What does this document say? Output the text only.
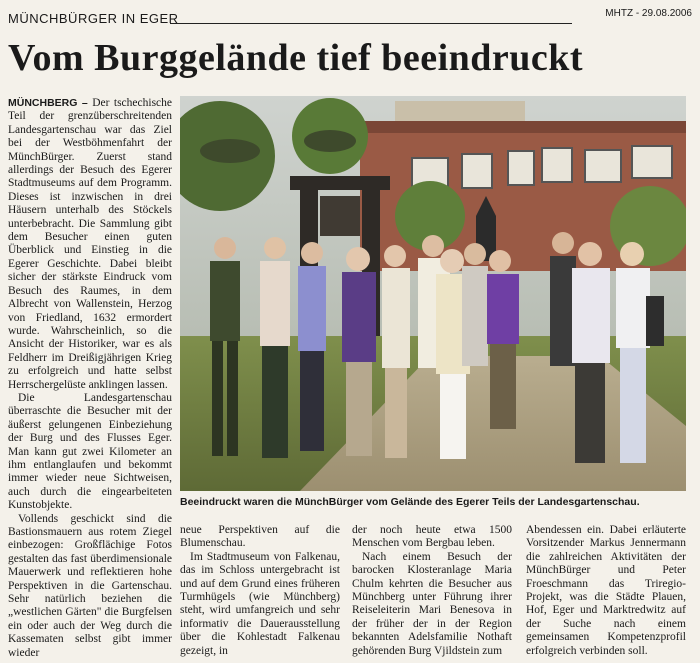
MÜNCHBÜRGER IN EGER	MHTZ - 29.08.2006
Vom Burggelände tief beeindruckt

MÜNCHBERG – Der tschechische Teil der grenzüberschreitenden Landesgartenschau war das Ziel bei der Westböhmenfahrt der MünchBürger. Zuerst stand allerdings der Besuch des Egerer Stadtmuseums auf dem Programm. Dieses ist inzwischen in drei Häusern unterhalb des Stöckels unterbebracht. Die Sammlung gibt dem Besucher einen guten Überblick und Einstieg in die Egerer Geschichte. Dabei bleibt sicher der stärkste Eindruck vom Besuch des Raumes, in dem Albrecht von Wallenstein, Herzog von Friedland, 1632 ermordert wurde. Wahrscheinlich, so die Ansicht der Historiker, war es als Feldherr im Dreißigjährigen Krieg zu erfolgreich und hatte selbst Herrschergelüste anklingen lassen.

Die Landesgartenschau überraschte die Besucher mit der äußerst gelungenen Einbeziehung der Burg und des Flusses Eger. Man kann gut zwei Kilometer an ihm entlanglaufen und bekommt immer wieder neue Sichtweisen, auch durch die eingearbeiteten Kunstobjekte.

Vollends geschickt sind die Bastionsmauern aus rotem Ziegel einbezogen: Großflächige Fotos gestalten das fast überdimensionale Mauerwerk und reflektieren hohe Perspektiven in die Gartenschau. Sehr natürlich beziehen die „westlichen Gärten" die Burgfelsen ein oder auch der Weg durch die Kassematen selbst gibt immer wieder

Beeindruckt waren die MünchBürger vom Gelände des Egerer Teils der Landesgartenschau.

neue Perspektiven auf die Blumenschau.

Im Stadtmuseum von Falkenau, das im Schloss untergebracht ist und auf dem Grund eines früheren Turmhügels (wie Münchberg) steht, wird umfangreich und sehr informativ die Dauerausstellung über die Kohlestadt Falkenau gezeigt, in

der noch heute etwa 1500 Menschen vom Bergbau leben.

Nach einem Besuch der barocken Klosteranlage Maria Chulm kehrten die Besucher aus Münchberg unter Führung ihrer Reiseleiterin Mari Benesova in der früher der in der Region bekannten Adelsfamilie Nothaft gehörenden Burg Vjildstein zum

Abendessen ein. Dabei erläuterte Vorsitzender Markus Jennermann die zahlreichen Aktivitäten der MünchBürger und Peter Froeschmann das Triregio-Projekt, was die Städte Plauen, Hof, Eger und Marktredwitz auf der Suche nach einem gemeinsamen Kompetenzprofil erfolgreich verbinden soll.
